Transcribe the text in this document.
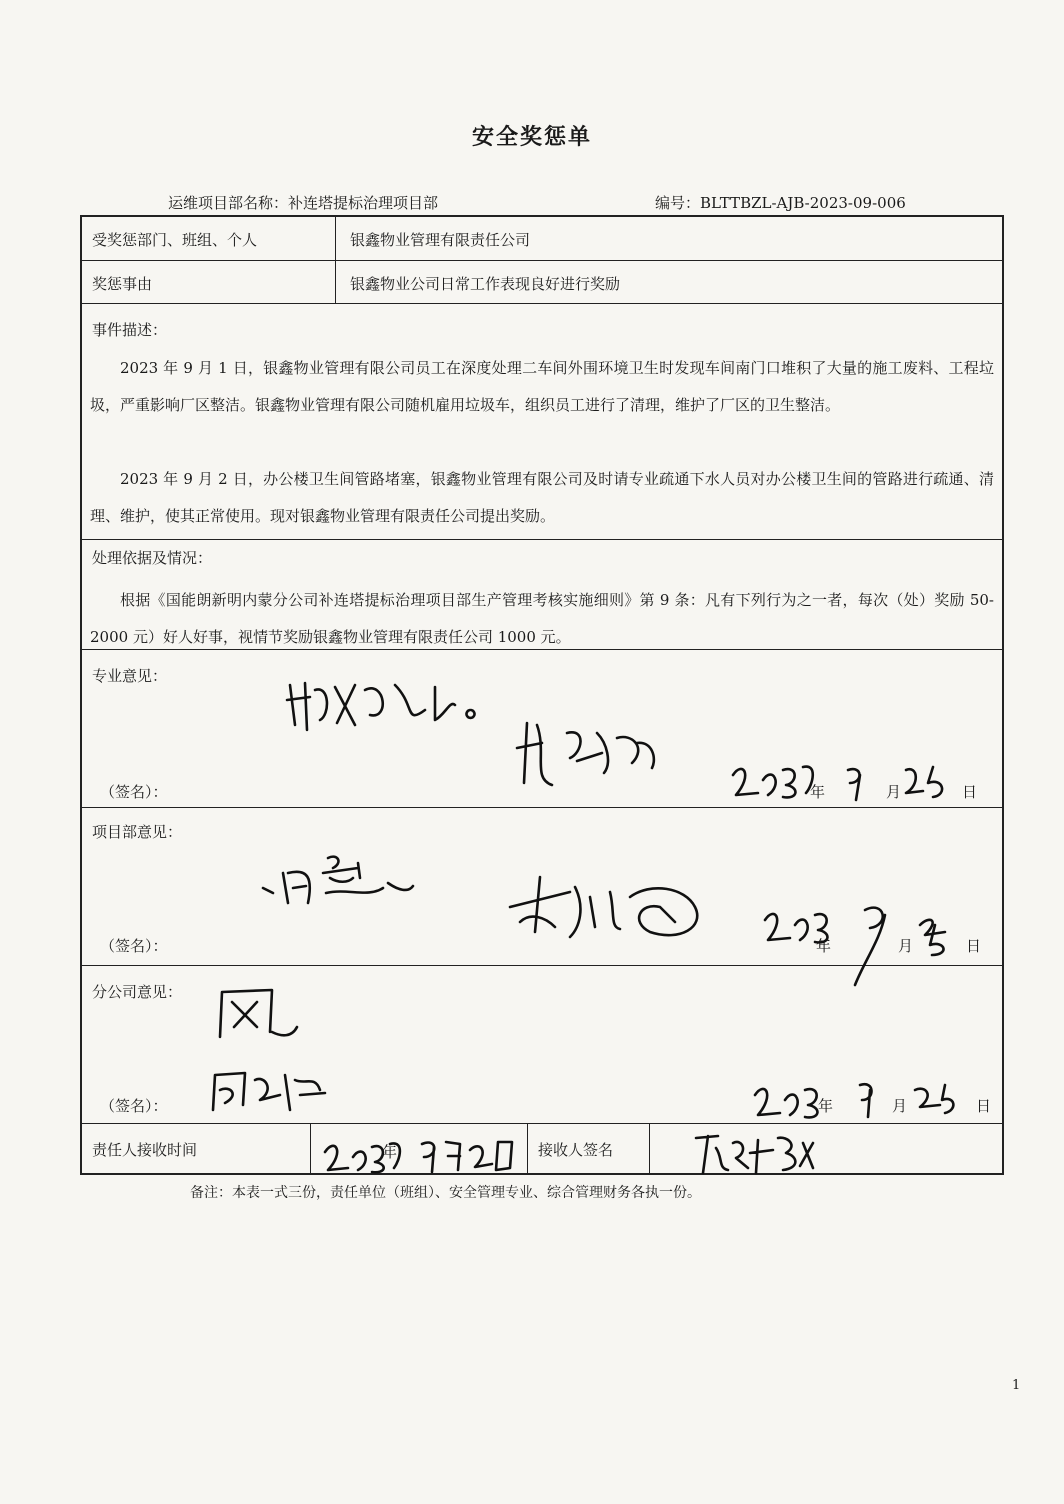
安全奖惩单
运维项目部名称：补连塔提标治理项目部	编号：BLTTBZL-AJB-2023-09-006
受奖惩部门、班组、个人	银鑫物业管理有限责任公司
奖惩事由	银鑫物业公司日常工作表现良好进行奖励
事件描述：
2023 年 9 月 1 日，银鑫物业管理有限公司员工在深度处理二车间外围环境卫生时发现车间南门口堆积了大量的施工废料、工程垃圾，严重影响厂区整洁。银鑫物业管理有限公司随机雇用垃圾车，组织员工进行了清理，维护了厂区的卫生整洁。
2023 年 9 月 2 日，办公楼卫生间管路堵塞，银鑫物业管理有限公司及时请专业疏通下水人员对办公楼卫生间的管路进行疏通、清理、维护，使其正常使用。现对银鑫物业管理有限责任公司提出奖励。
处理依据及情况：
根据《国能朗新明内蒙分公司补连塔提标治理项目部生产管理考核实施细则》第 9 条：凡有下列行为之一者，每次（处）奖励 50-2000 元）好人好事，视情节奖励银鑫物业管理有限责任公司 1000 元。
专业意见：
（签名）：	年	月	日
项目部意见：
（签名）：	年	月	日
分公司意见：
（签名）：	年	月	日
责任人接收时间	年	接收人签名
备注：本表一式三份，责任单位（班组）、安全管理专业、综合管理财务各执一份。
1
